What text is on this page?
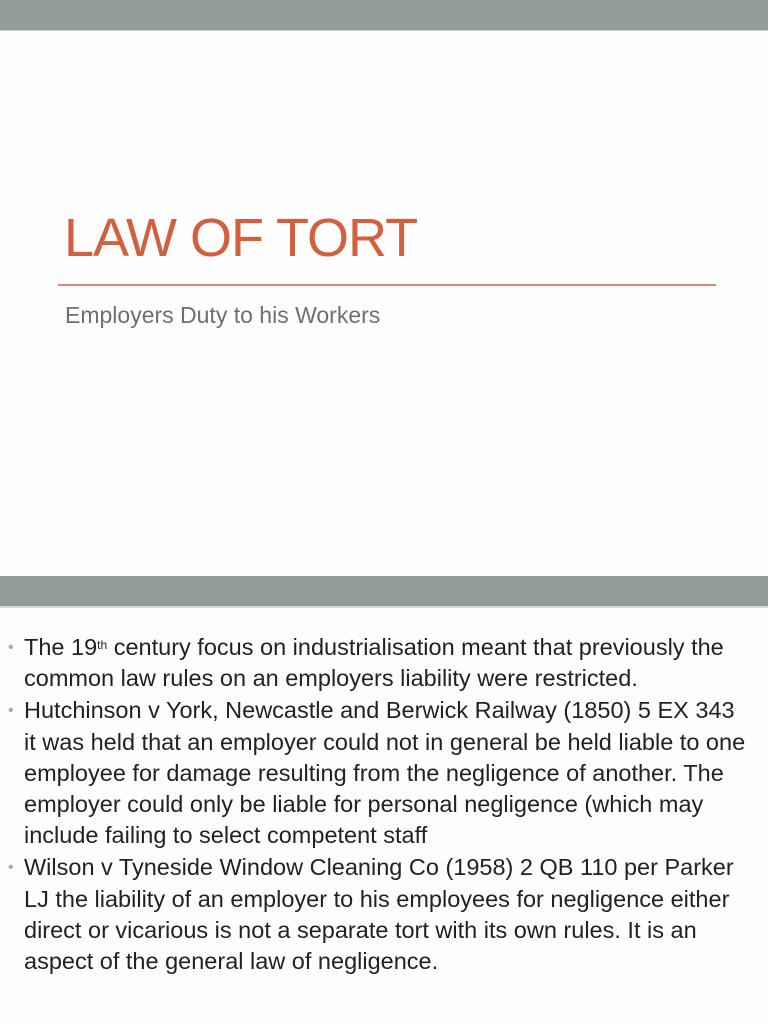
LAW OF TORT
Employers Duty to his Workers
• The 19th century focus on industrialisation meant that previously the common law rules on an employers liability were restricted.
• Hutchinson v York, Newcastle and Berwick Railway (1850) 5 EX 343 it was held that an employer could not in general be held liable to one employee for damage resulting from the negligence of another. The employer could only be liable for personal negligence (which may include failing to select competent staff
• Wilson v Tyneside Window Cleaning Co (1958) 2 QB 110 per Parker LJ the liability of an employer to his employees for negligence either direct or vicarious is not a separate tort with its own rules. It is an aspect of the general law of negligence.
